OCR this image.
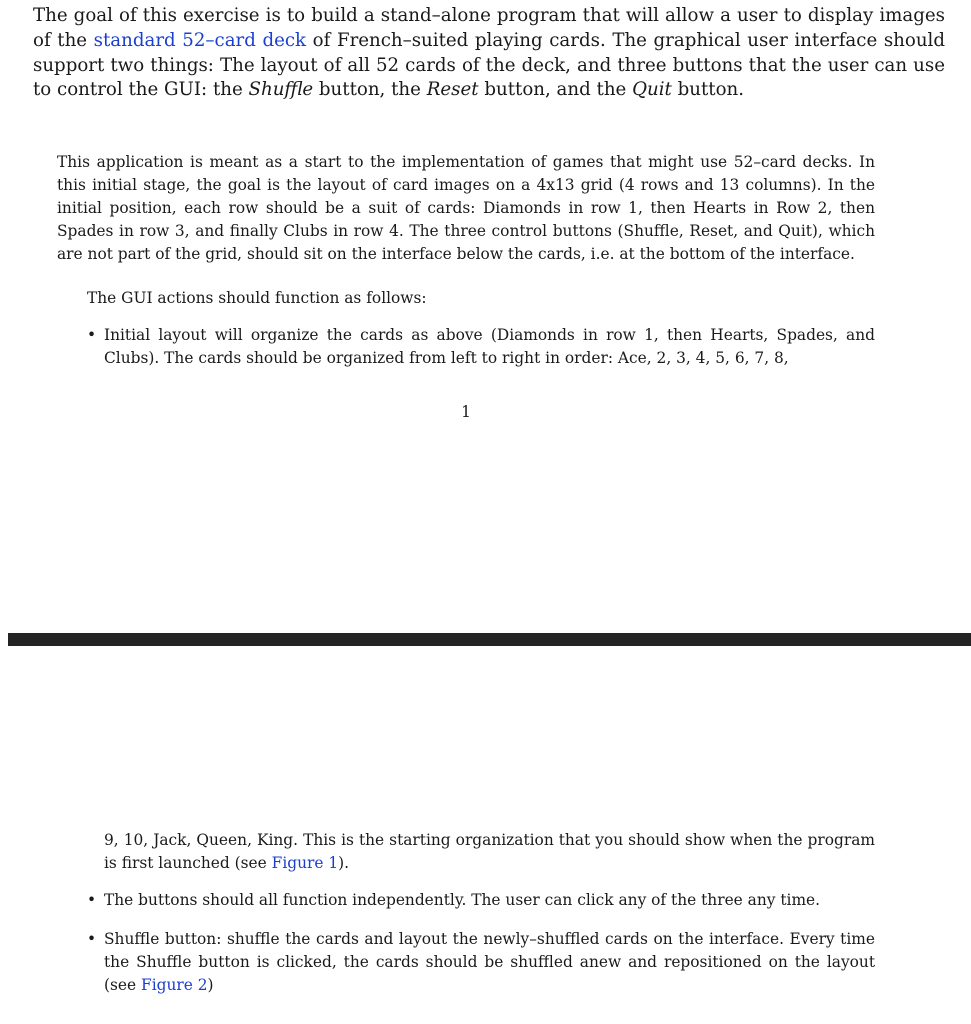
The goal of this exercise is to build a stand–alone program that will allow a user to display images of the standard 52–card deck of French–suited playing cards. The graphical user interface should support two things: The layout of all 52 cards of the deck, and three buttons that the user can use to control the GUI: the Shuffle button, the Reset button, and the Quit button.

This application is meant as a start to the implementation of games that might use 52–card decks. In this initial stage, the goal is the layout of card images on a 4x13 grid (4 rows and 13 columns). In the initial position, each row should be a suit of cards: Diamonds in row 1, then Hearts in Row 2, then Spades in row 3, and finally Clubs in row 4. The three control buttons (Shuffle, Reset, and Quit), which are not part of the grid, should sit on the interface below the cards, i.e. at the bottom of the interface.

The GUI actions should function as follows:

• Initial layout will organize the cards as above (Diamonds in row 1, then Hearts, Spades, and Clubs). The cards should be organized from left to right in order: Ace, 2, 3, 4, 5, 6, 7, 8,

1

9, 10, Jack, Queen, King. This is the starting organization that you should show when the program is first launched (see Figure 1).

• The buttons should all function independently. The user can click any of the three any time.
• Shuffle button: shuffle the cards and layout the newly–shuffled cards on the interface. Every time the Shuffle button is clicked, the cards should be shuffled anew and repositioned on the layout (see Figure 2)
